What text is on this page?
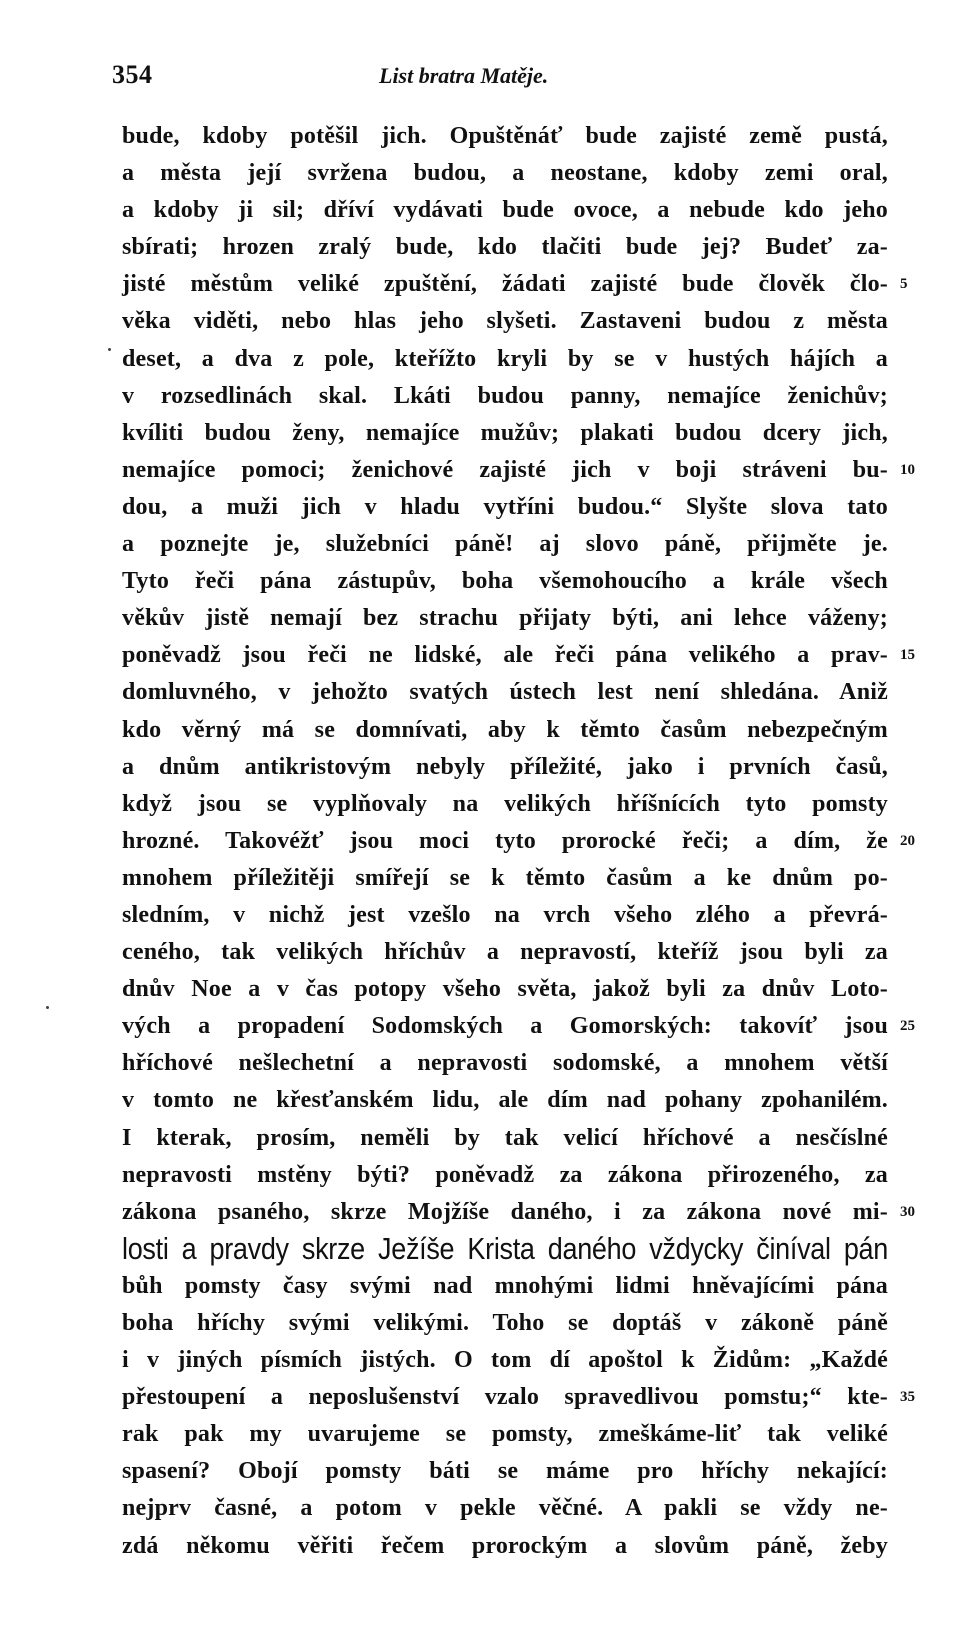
354	List bratra Matěje.
bude, kdoby potěšil jich. Opuštěnáť bude zajisté země pustá,
a města její svržena budou, a neostane, kdoby zemi oral,
a kdoby ji sil; dříví vydávati bude ovoce, a nebude kdo jeho
sbírati; hrozen zralý bude, kdo tlačiti bude jej? Budeť za-
jisté městům veliké zpuštění, žádati zajisté bude člověk člo-
věka viděti, nebo hlas jeho slyšeti. Zastaveni budou z města
deset, a dva z pole, kteřížto kryli by se v hustých hájích a
v rozsedlinách skal. Lkáti budou panny, nemajíce ženichův;
kvíliti budou ženy, nemajíce mužův; plakati budou dcery jich,
nemajíce pomoci; ženichové zajisté jich v boji stráveni bu-
dou, a muži jich v hladu vytříni budou.“ Slyšte slova tato
a poznejte je, služebníci páně! aj slovo páně, přijměte je.
Tyto řeči pána zástupův, boha všemohoucího a krále všech
věkův jistě nemají bez strachu přijaty býti, ani lehce váženy;
poněvadž jsou řeči ne lidské, ale řeči pána velikého a prav-
domluvného, v jehožto svatých ústech lest není shledána. Aniž
kdo věrný má se domnívati, aby k těmto časům nebezpečným
a dnům antikristovým nebyly příležité, jako i prvních časů,
když jsou se vyplňovaly na velikých hříšnících tyto pomsty
hrozné. Takovéžť jsou moci tyto prorocké řeči; a dím, že
mnohem příležitěji smířejí se k těmto časům a ke dnům po-
sledním, v nichž jest vzešlo na vrch všeho zlého a převrá-
ceného, tak velikých hříchův a nepravostí, kteříž jsou byli za
dnův Noe a v čas potopy všeho světa, jakož byli za dnův Loto-
vých a propadení Sodomských a Gomorských: takovíť jsou
hříchové nešlechetní a nepravosti sodomské, a mnohem větší
v tomto ne křesťanském lidu, ale dím nad pohany zpohanilém.
I kterak, prosím, neměli by tak velicí hříchové a nesčíslné
nepravosti mstěny býti? poněvadž za zákona přirozeného, za
zákona psaného, skrze Mojžíše daného, i za zákona nové mi-
losti a pravdy skrze Ježíše Krista daného vždycky činíval pán
bůh pomsty časy svými nad mnohými lidmi hněvajícími pána
boha hříchy svými velikými. Toho se doptáš v zákoně páně
i v jiných písmích jistých. O tom dí apoštol k Židům: „Každé
přestoupení a neposlušenství vzalo spravedlivou pomstu;“ kte-
rak pak my uvarujeme se pomsty, zmeškáme-liť tak veliké
spasení? Obojí pomsty báti se máme pro hříchy nekající:
nejprv časné, a potom v pekle věčné. A pakli se vždy ne-
zdá někomu věřiti řečem prorockým a slovům páně, žeby
5
10
15
20
25
30
35
